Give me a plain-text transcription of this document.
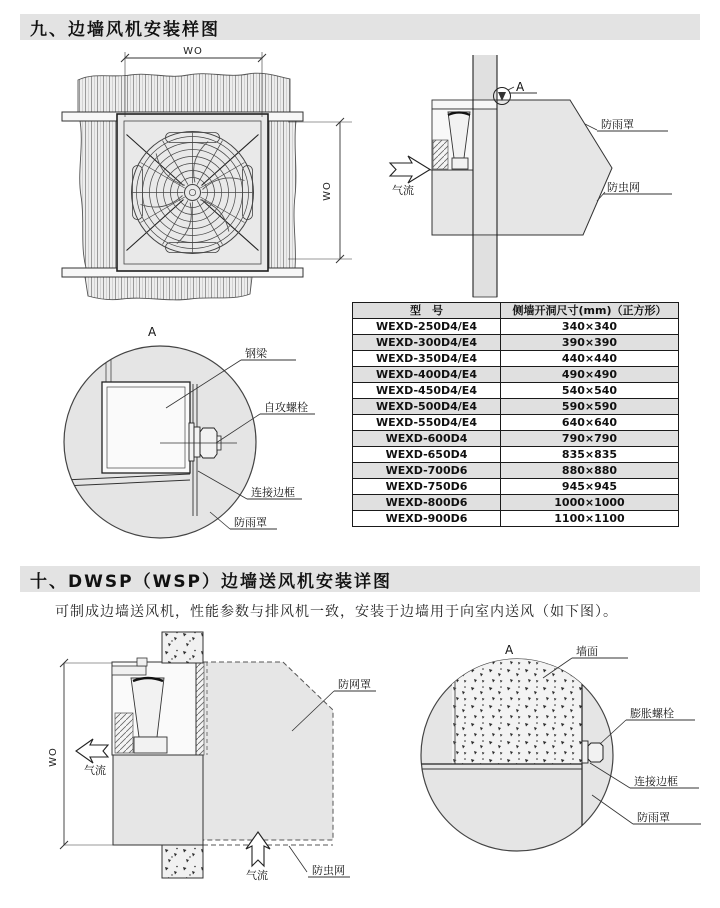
九、边墙风机安装样图
WO
WO	气流
A
防雨罩
防虫网
A
钢梁
自攻螺栓
连接边框
防雨罩
型　号	侧墙开洞尺寸(mm)（正方形）
WEXD-250D4/E4	340×340
WEXD-300D4/E4	390×390
WEXD-350D4/E4	440×440
WEXD-400D4/E4	490×490
WEXD-450D4/E4	540×540
WEXD-500D4/E4	590×590
WEXD-550D4/E4	640×640
WEXD-600D4	790×790
WEXD-650D4	835×835
WEXD-700D6	880×880
WEXD-750D6	945×945
WEXD-800D6	1000×1000
WEXD-900D6	1100×1100
十、DWSP（WSP）边墙送风机安装详图
可制成边墙送风机，性能参数与排风机一致，安装于边墙用于向室内送风（如下图）。
WO
气流
气流
防网罩
防虫网
A	墙面
膨胀螺栓
连接边框
防雨罩
